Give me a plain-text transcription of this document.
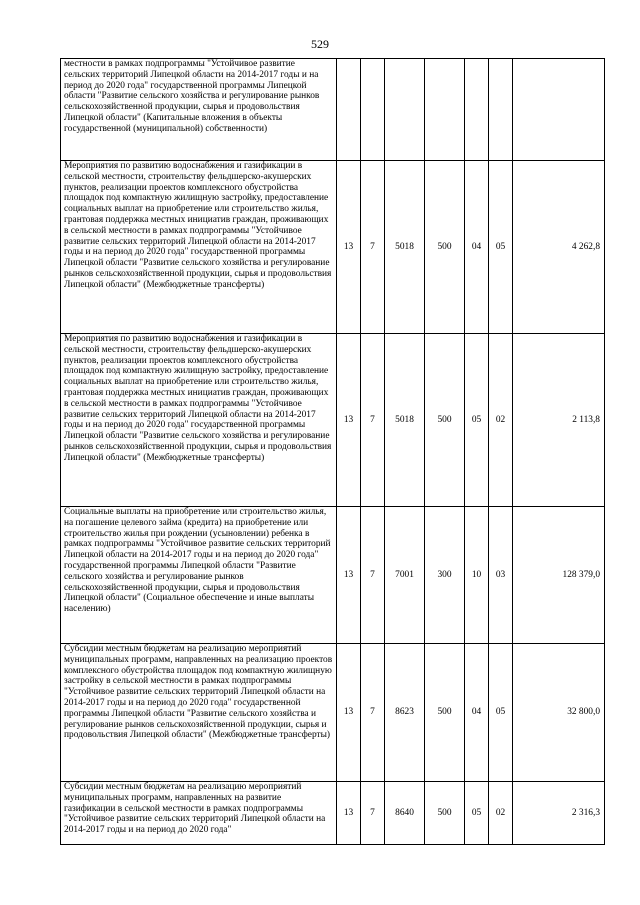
529
местности в рамках подпрограммы "Устойчивое развитие сельских территорий Липецкой области на 2014-2017 годы и на период до 2020 года" государственной программы Липецкой области "Развитие сельского хозяйства и регулирование рынков сельскохозяйственной продукции, сырья и продовольствия Липецкой области" (Капитальные вложения в объекты государственной (муниципальной) собственности)							
Мероприятия по развитию водоснабжения и газификации в сельской местности, строительству фельдшерско-акушерских пунктов, реализации проектов комплексного обустройства площадок под компактную жилищную застройку, предоставление социальных выплат на приобретение или строительство жилья, грантовая поддержка местных инициатив граждан, проживающих в сельской местности в рамках подпрограммы "Устойчивое развитие сельских территорий Липецкой области на 2014-2017 годы и на период до 2020 года" государственной программы Липецкой области "Развитие сельского хозяйства и регулирование рынков сельскохозяйственной продукции, сырья и продовольствия Липецкой области" (Межбюджетные трансферты)	13	7	5018	500	04	05	4 262,8
Мероприятия по развитию водоснабжения и газификации в сельской местности, строительству фельдшерско-акушерских пунктов, реализации проектов комплексного обустройства площадок под компактную жилищную застройку, предоставление социальных выплат на приобретение или строительство жилья, грантовая поддержка местных инициатив граждан, проживающих в сельской местности в рамках подпрограммы "Устойчивое развитие сельских территорий Липецкой области на 2014-2017 годы и на период до 2020 года" государственной программы Липецкой области "Развитие сельского хозяйства и регулирование рынков сельскохозяйственной продукции, сырья и продовольствия Липецкой области" (Межбюджетные трансферты)	13	7	5018	500	05	02	2 113,8
Социальные выплаты на приобретение или строительство жилья, на погашение целевого займа (кредита) на приобретение или строительство жилья при рождении (усыновлении) ребенка в рамках подпрограммы "Устойчивое развитие сельских территорий Липецкой области на 2014-2017 годы и на период до 2020 года" государственной программы Липецкой области "Развитие сельского хозяйства и регулирование рынков сельскохозяйственной продукции, сырья и продовольствия Липецкой области" (Социальное обеспечение и иные выплаты населению)	13	7	7001	300	10	03	128 379,0
Субсидии местным бюджетам на реализацию мероприятий муниципальных программ, направленных на реализацию проектов комплексного обустройства площадок под компактную жилищную застройку в сельской местности в рамках подпрограммы "Устойчивое развитие сельских территорий Липецкой области на 2014-2017 годы и на период до 2020 года" государственной программы Липецкой области "Развитие сельского хозяйства и регулирование рынков сельскохозяйственной продукции, сырья и продовольствия Липецкой области" (Межбюджетные трансферты)	13	7	8623	500	04	05	32 800,0
Субсидии местным бюджетам на реализацию мероприятий муниципальных программ, направленных на развитие газификации в сельской местности в рамках подпрограммы "Устойчивое развитие сельских территорий Липецкой области на 2014-2017 годы и на период до 2020 года"	13	7	8640	500	05	02	2 316,3
